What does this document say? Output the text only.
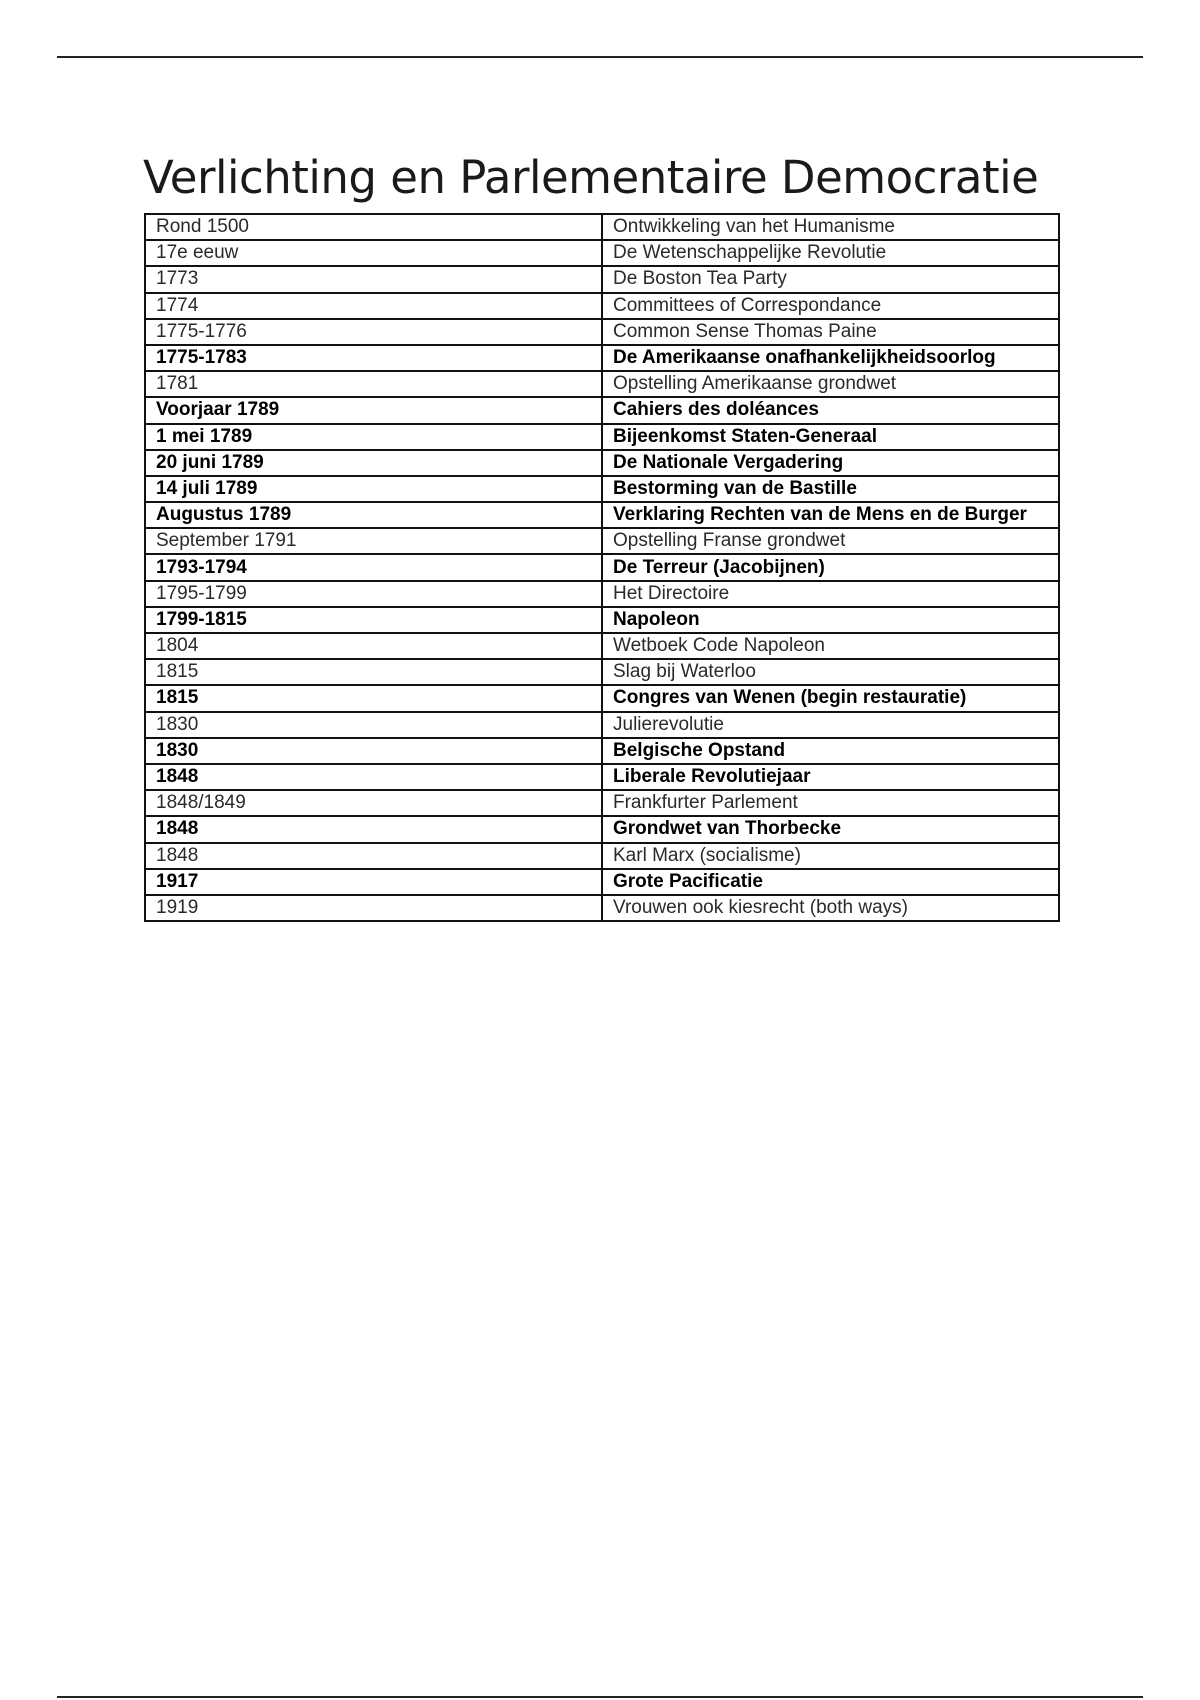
Verlichting en Parlementaire Democratie
Rond 1500	Ontwikkeling van het Humanisme
17e eeuw	De Wetenschappelijke Revolutie
1773	De Boston Tea Party
1774	Committees of Correspondance
1775-1776	Common Sense Thomas Paine
1775-1783	De Amerikaanse onafhankelijkheidsoorlog
1781	Opstelling Amerikaanse grondwet
Voorjaar 1789	Cahiers des doléances
1 mei 1789	Bijeenkomst Staten-Generaal
20 juni 1789	De Nationale Vergadering
14 juli 1789	Bestorming van de Bastille
Augustus 1789	Verklaring Rechten van de Mens en de Burger
September 1791	Opstelling Franse grondwet
1793-1794	De Terreur (Jacobijnen)
1795-1799	Het Directoire
1799-1815	Napoleon
1804	Wetboek Code Napoleon
1815	Slag bij Waterloo
1815	Congres van Wenen (begin restauratie)
1830	Julierevolutie
1830	Belgische Opstand
1848	Liberale Revolutiejaar
1848/1849	Frankfurter Parlement
1848	Grondwet van Thorbecke
1848	Karl Marx (socialisme)
1917	Grote Pacificatie
1919	Vrouwen ook kiesrecht (both ways)
